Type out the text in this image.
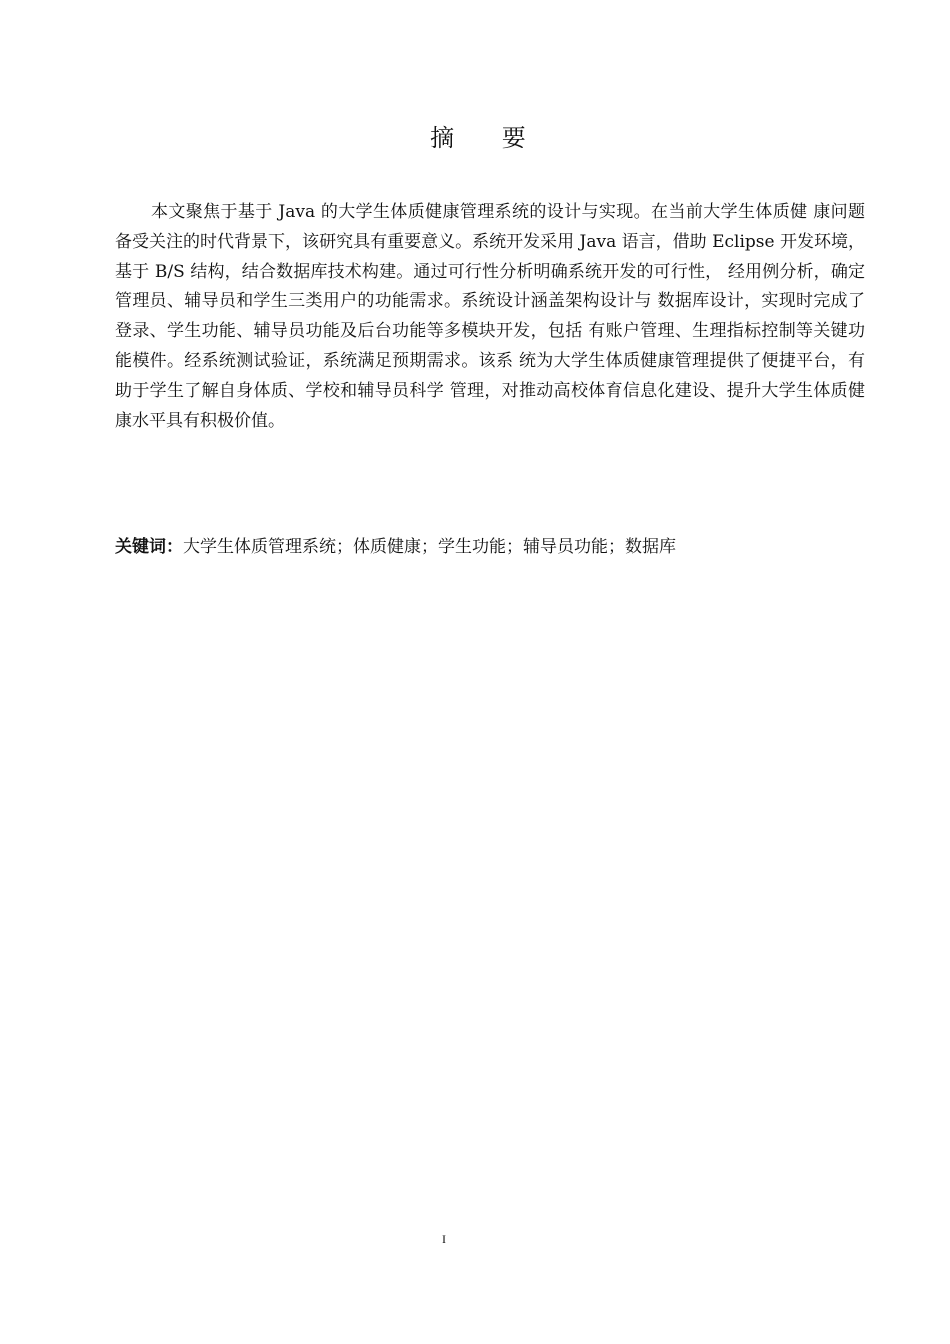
摘 要

本文聚焦于基于 Java 的大学生体质健康管理系统的设计与实现。在当前大学生体质健 康问题备受关注的时代背景下，该研究具有重要意义。系统开发采用 Java 语言，借助 Eclipse 开发环境，基于 B/S 结构，结合数据库技术构建。通过可行性分析明确系统开发的可行性， 经用例分析，确定管理员、辅导员和学生三类用户的功能需求。系统设计涵盖架构设计与 数据库设计，实现时完成了登录、学生功能、辅导员功能及后台功能等多模块开发，包括 有账户管理、生理指标控制等关键功能模件。经系统测试验证，系统满足预期需求。该系 统为大学生体质健康管理提供了便捷平台，有助于学生了解自身体质、学校和辅导员科学 管理，对推动高校体育信息化建设、提升大学生体质健康水平具有积极价值。

关键词：大学生体质管理系统；体质健康；学生功能；辅导员功能；数据库
I
